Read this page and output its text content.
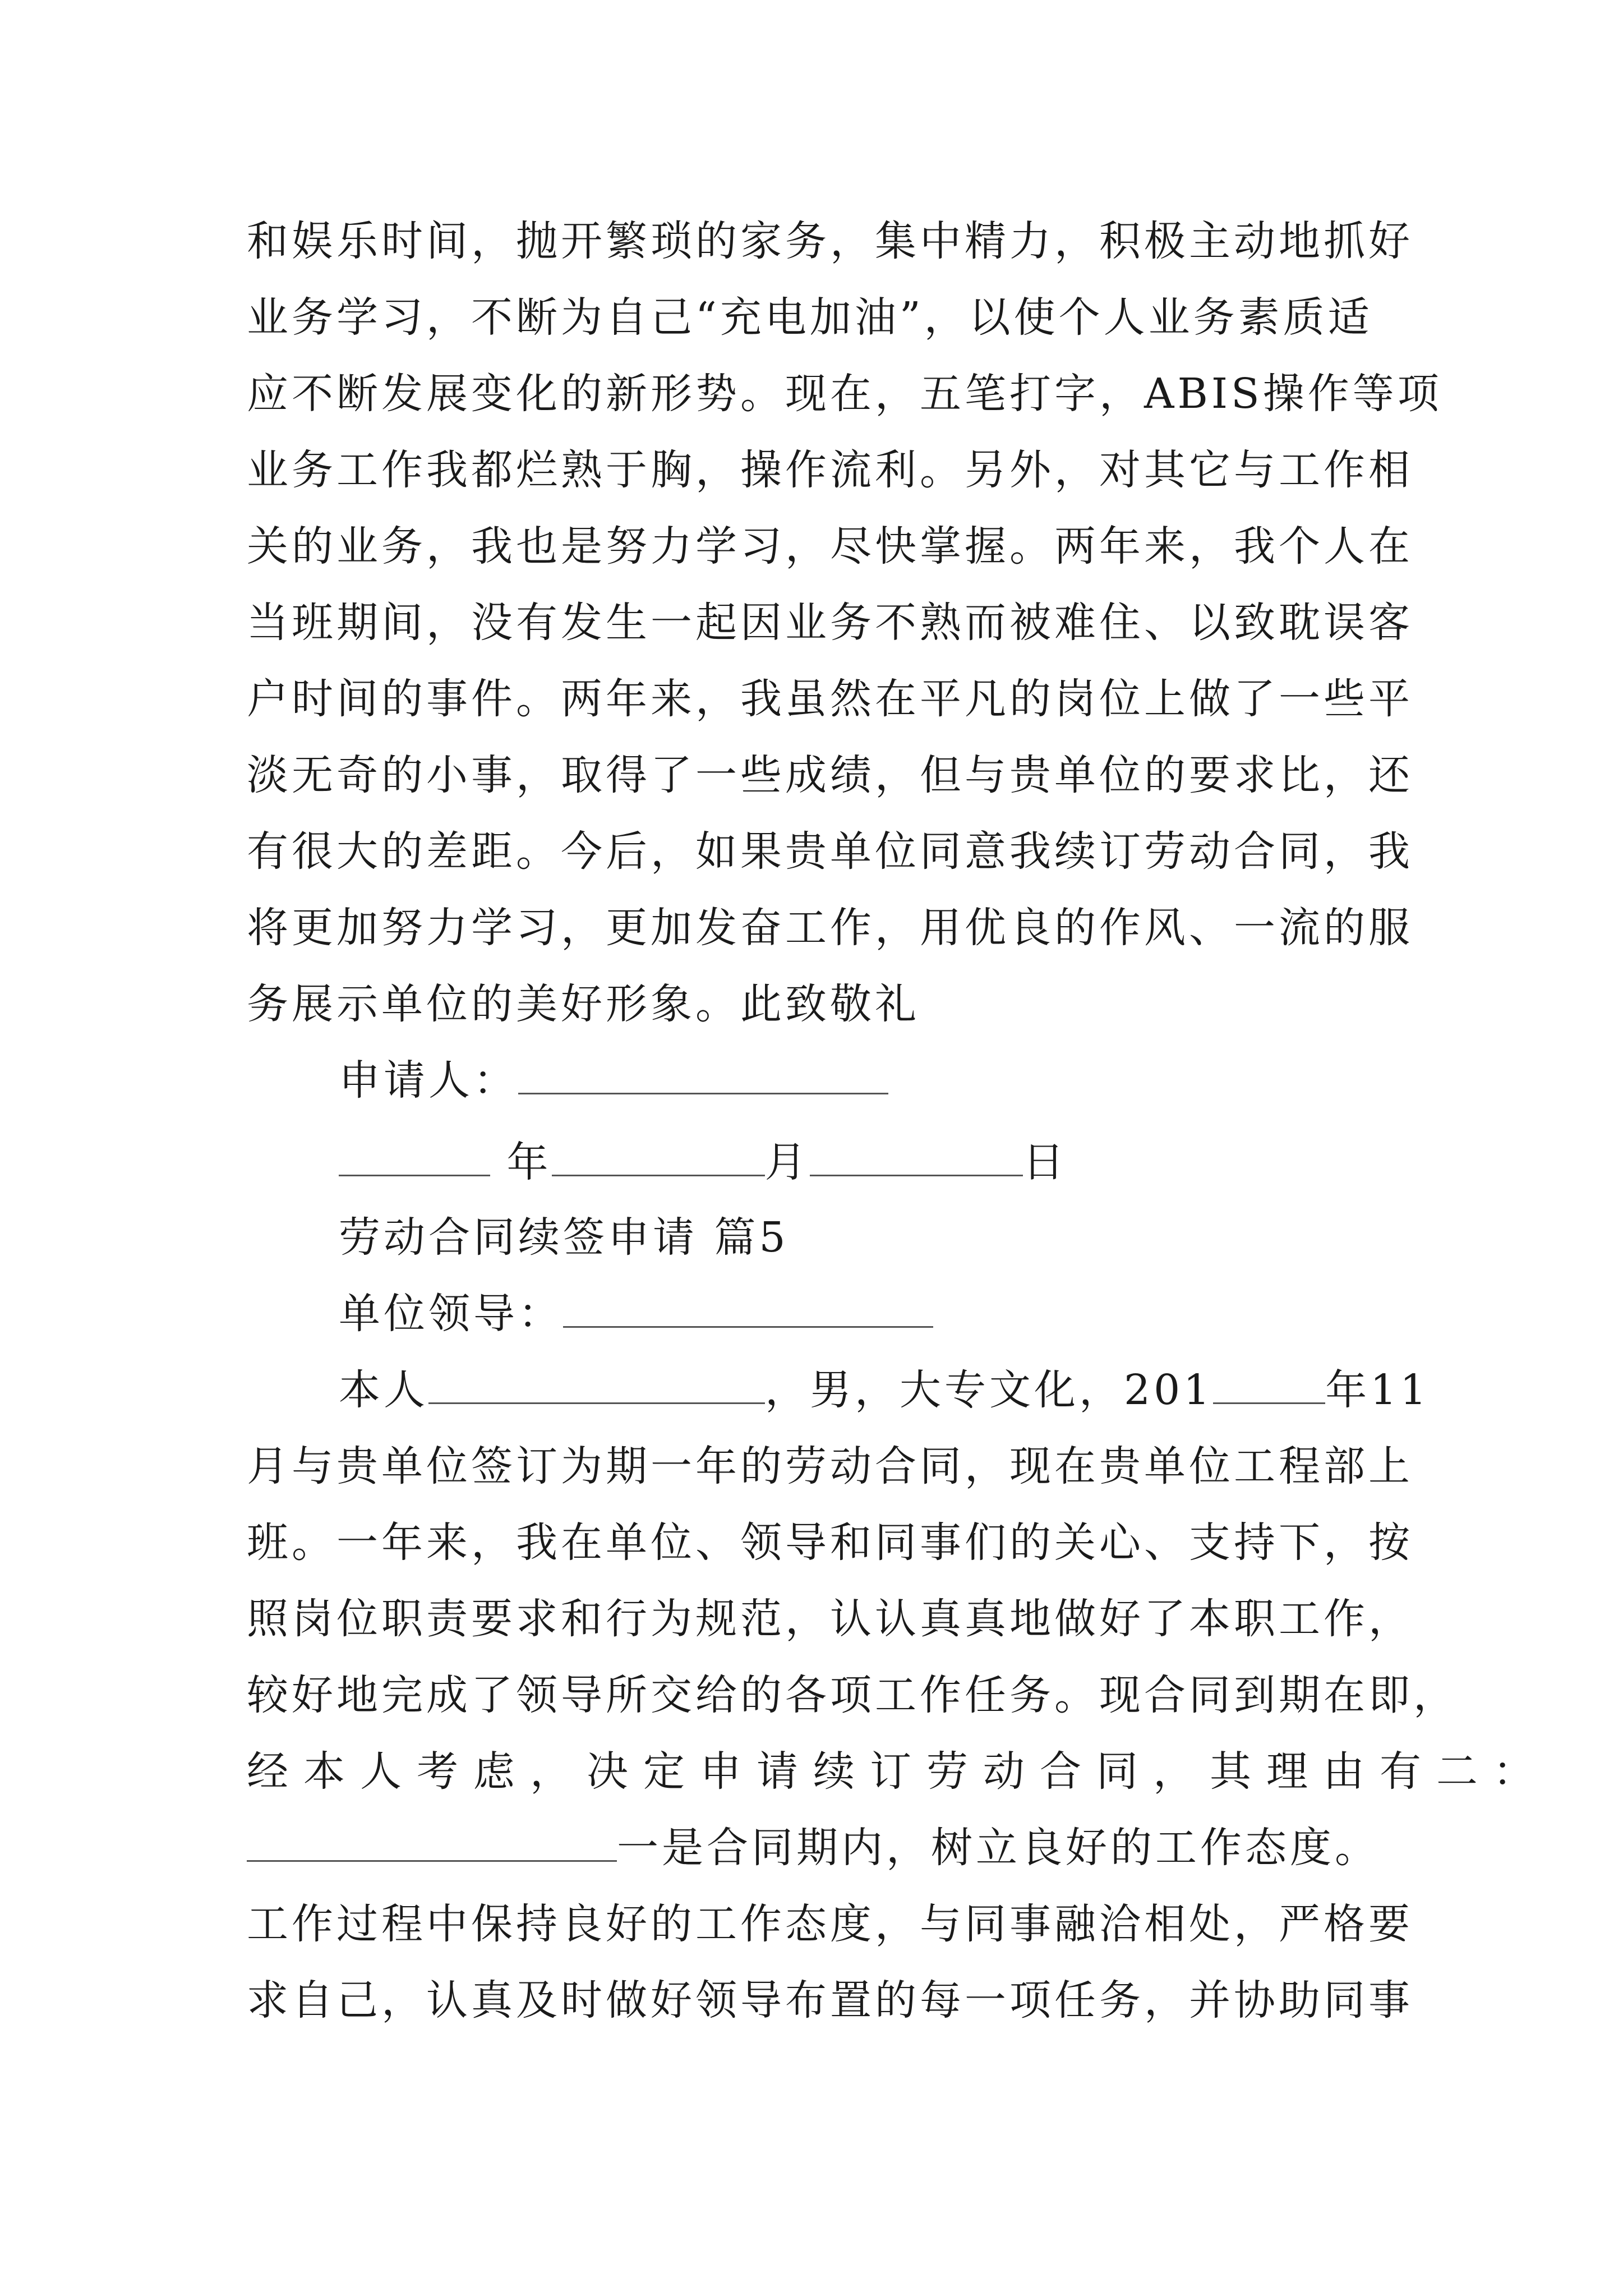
和娱乐时间，抛开繁琐的家务，集中精力，积极主动地抓好
业务学习，不断为自己“充电加油”，以使个人业务素质适
应不断发展变化的新形势。现在，五笔打字，ABIS操作等项
业务工作我都烂熟于胸，操作流利。另外，对其它与工作相
关的业务，我也是努力学习，尽快掌握。两年来，我个人在
当班期间，没有发生一起因业务不熟而被难住、以致耽误客
户时间的事件。两年来，我虽然在平凡的岗位上做了一些平
淡无奇的小事，取得了一些成绩，但与贵单位的要求比，还
有很大的差距。今后，如果贵单位同意我续订劳动合同，我
将更加努力学习，更加发奋工作，用优良的作风、一流的服
务展示单位的美好形象。此致敬礼
申请人：
年	月	日
劳动合同续签申请 篇5
单位领导：
本人	，男，大专文化，201	年11
月与贵单位签订为期一年的劳动合同，现在贵单位工程部上
班。一年来，我在单位、领导和同事们的关心、支持下，按
照岗位职责要求和行为规范，认认真真地做好了本职工作，
较好地完成了领导所交给的各项工作任务。现合同到期在即，
经本人考虑，决定申请续订劳动合同，其理由有二：
一是合同期内，树立良好的工作态度。
工作过程中保持良好的工作态度，与同事融洽相处，严格要
求自己，认真及时做好领导布置的每一项任务，并协助同事
